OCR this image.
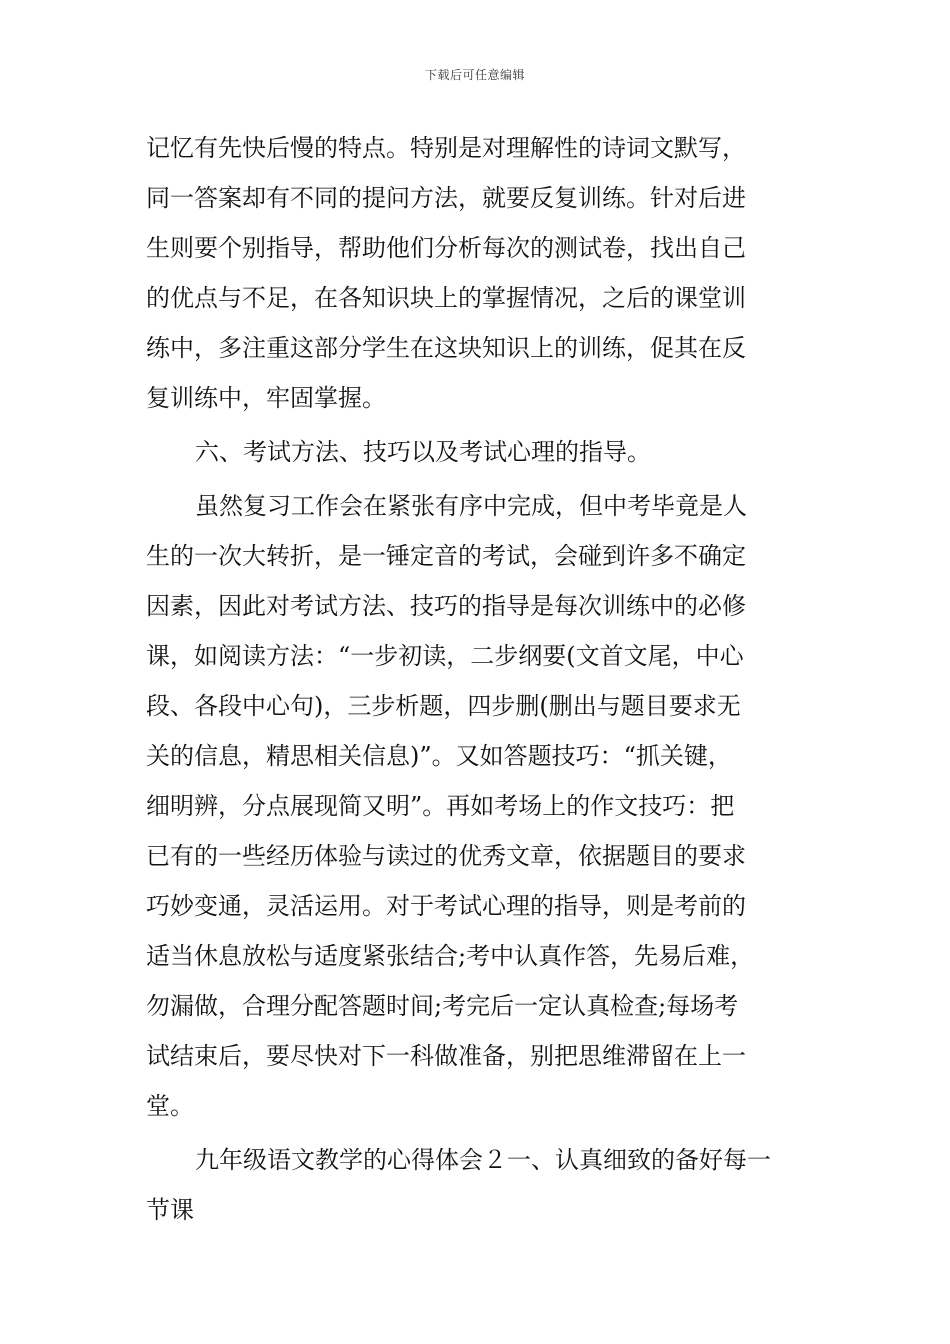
下载后可任意编辑
记忆有先快后慢的特点。特别是对理解性的诗词文默写，
同一答案却有不同的提问方法，就要反复训练。针对后进
生则要个别指导，帮助他们分析每次的测试卷，找出自己
的优点与不足，在各知识块上的掌握情况，之后的课堂训
练中，多注重这部分学生在这块知识上的训练，促其在反
复训练中，牢固掌握。
六、考试方法、技巧以及考试心理的指导。
虽然复习工作会在紧张有序中完成，但中考毕竟是人
生的一次大转折，是一锤定音的考试，会碰到许多不确定
因素，因此对考试方法、技巧的指导是每次训练中的必修
课，如阅读方法：“一步初读，二步纲要(文首文尾，中心
段、各段中心句)，三步析题，四步删(删出与题目要求无
关的信息，精思相关信息)”。又如答题技巧：“抓关键，
细明辨，分点展现简又明”。再如考场上的作文技巧：把
已有的一些经历体验与读过的优秀文章，依据题目的要求
巧妙变通，灵活运用。对于考试心理的指导，则是考前的
适当休息放松与适度紧张结合;考中认真作答，先易后难，
勿漏做，合理分配答题时间;考完后一定认真检查;每场考
试结束后，要尽快对下一科做准备，别把思维滞留在上一
堂。
九年级语文教学的心得体会２一、认真细致的备好每一
节课
